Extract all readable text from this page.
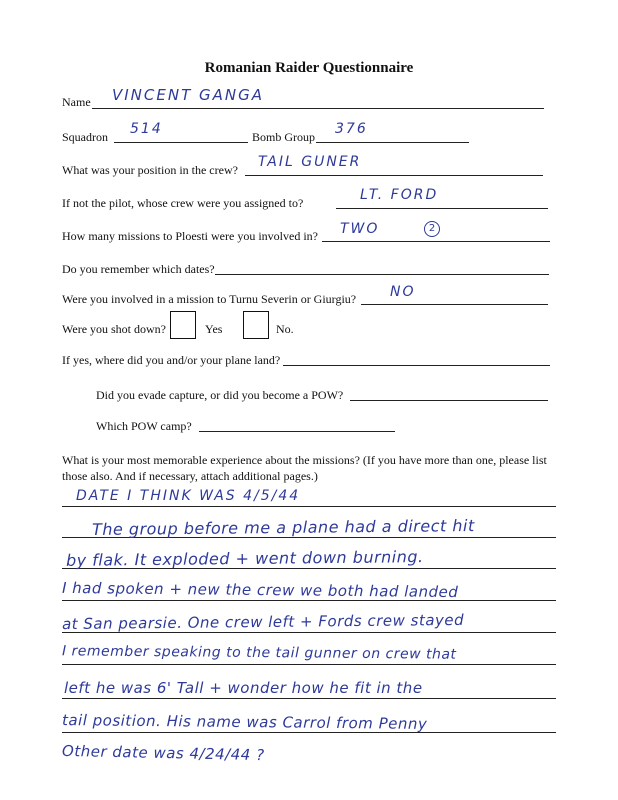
Romanian Raider Questionnaire
Name VINCENT GANGA
Squadron 514	Bomb Group 376
What was your position in the crew? TAIL GUNER
If not the pilot, whose crew were you assigned to?	LT. FORD
How many missions to Ploesti were you involved in? TWO	2
Do you remember which dates?
Were you involved in a mission to Turnu Severin or Giurgiu? NO
Were you shot down?	Yes	No.
If yes, where did you and/or your plane land?
Did you evade capture, or did you become a POW?
Which POW camp?
What is your most memorable experience about the missions? (If you have more than one, please list those also. And if necessary, attach additional pages.)
DATE I THINK WAS 4/5/44
The group before me a plane had a direct hit
by flak. It exploded + went down burning.
I had spoken + new the crew we both had landed
at San pearsie. One crew left + Fords crew stayed
I remember speaking to the tail gunner on crew that
left he was 6' Tall + wonder how he fit in the
tail position. His name was Carrol from Penny
Other date was 4/24/44 ?
